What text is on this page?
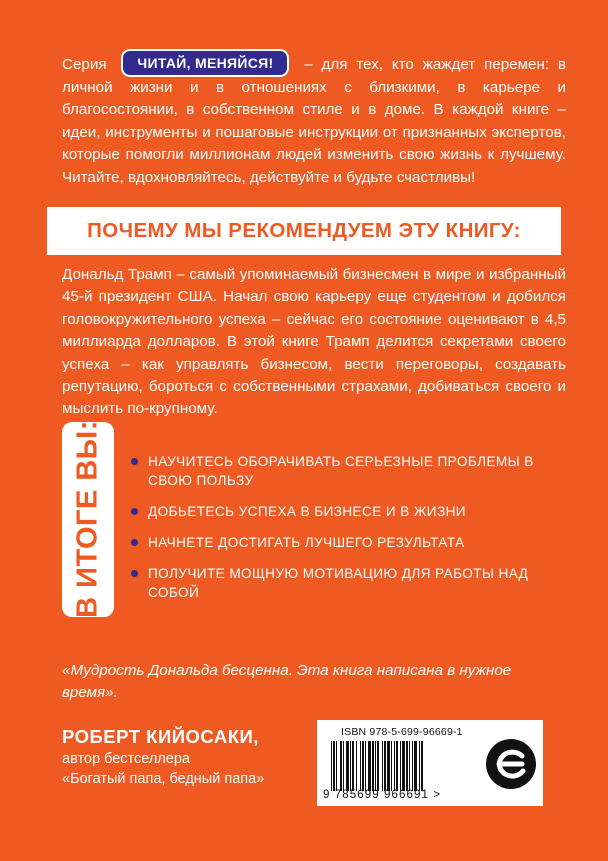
Серия ЧИТАЙ, МЕНЯЙСЯ! – для тех, кто жаждет перемен: в личной жизни и в отношениях с близкими, в карьере и благосостоянии, в собственном стиле и в доме. В каждой книге – идеи, инструменты и пошаговые инструкции от признанных экспертов, которые помогли миллионам людей изменить свою жизнь к лучшему. Читайте, вдохновляйтесь, действуйте и будьте счастливы!
ПОЧЕМУ МЫ РЕКОМЕНДУЕМ ЭТУ КНИГУ:
Дональд Трамп – самый упоминаемый бизнесмен в мире и избранный 45-й президент США. Начал свою карьеру еще студентом и добился головокружительного успеха – сейчас его состояние оценивают в 4,5 миллиарда долларов. В этой книге Трамп делится секретами своего успеха – как управлять бизнесом, вести переговоры, создавать репутацию, бороться с собственными страхами, добиваться своего и мыслить по-крупному.
В ИТОГЕ ВЫ:	НАУЧИТЕСЬ ОБОРАЧИВАТЬ СЕРЬЕЗНЫЕ ПРОБЛЕМЫ В СВОЮ ПОЛЬЗУ
ДОБЬЕТЕСЬ УСПЕХА В БИЗНЕСЕ И В ЖИЗНИ
НАЧНЕТЕ ДОСТИГАТЬ ЛУЧШЕГО РЕЗУЛЬТАТА
ПОЛУЧИТЕ МОЩНУЮ МОТИВАЦИЮ ДЛЯ РАБОТЫ НАД СОБОЙ
«Мудрость Дональда бесценна. Эта книга написана в нужное время».
РОБЕРТ КИЙОСАКИ,
автор бестселлера
«Богатый папа, бедный папа»
ISBN 978-5-699-96669-1
9 785699 966691 >
